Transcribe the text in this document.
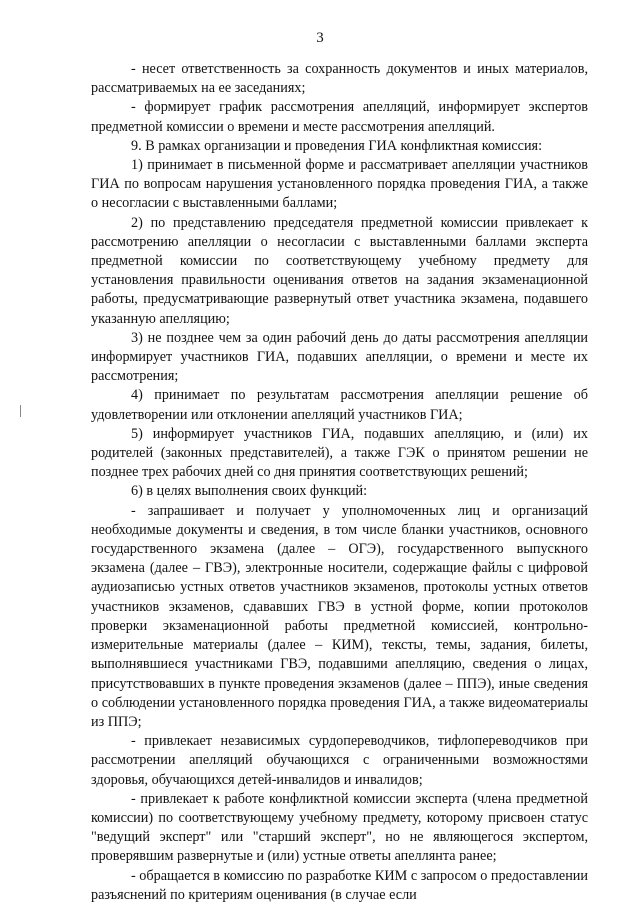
3

- несет ответственность за сохранность документов и иных материалов, рассматриваемых на ее заседаниях;

- формирует график рассмотрения апелляций, информирует экспертов предметной комиссии о времени и месте рассмотрения апелляций.

9. В рамках организации и проведения ГИА конфликтная комиссия:

1) принимает в письменной форме и рассматривает апелляции участников ГИА по вопросам нарушения установленного порядка проведения ГИА, а также о несогласии с выставленными баллами;

2) по представлению председателя предметной комиссии привлекает к рассмотрению апелляции о несогласии с выставленными баллами эксперта предметной комиссии по соответствующему учебному предмету для установления правильности оценивания ответов на задания экзаменационной работы, предусматривающие развернутый ответ участника экзамена, подавшего указанную апелляцию;

3) не позднее чем за один рабочий день до даты рассмотрения апелляции информирует участников ГИА, подавших апелляции, о времени и месте их рассмотрения;

4) принимает по результатам рассмотрения апелляции решение об удовлетворении или отклонении апелляций участников ГИА;

5) информирует участников ГИА, подавших апелляцию, и (или) их родителей (законных представителей), а также ГЭК о принятом решении не позднее трех рабочих дней со дня принятия соответствующих решений;

6) в целях выполнения своих функций:

- запрашивает и получает у уполномоченных лиц и организаций необходимые документы и сведения, в том числе бланки участников, основного государственного экзамена (далее – ОГЭ), государственного выпускного экзамена (далее – ГВЭ), электронные носители, содержащие файлы с цифровой аудиозаписью устных ответов участников экзаменов, протоколы устных ответов участников экзаменов, сдававших ГВЭ в устной форме, копии протоколов проверки экзаменационной работы предметной комиссией, контрольно-измерительные материалы (далее – КИМ), тексты, темы, задания, билеты, выполнявшиеся участниками ГВЭ, подавшими апелляцию, сведения о лицах, присутствовавших в пункте проведения экзаменов (далее – ППЭ), иные сведения о соблюдении установленного порядка проведения ГИА, а также видеоматериалы из ППЭ;

- привлекает независимых сурдопереводчиков, тифлопереводчиков при рассмотрении апелляций обучающихся с ограниченными возможностями здоровья, обучающихся детей-инвалидов и инвалидов;

- привлекает к работе конфликтной комиссии эксперта (члена предметной комиссии) по соответствующему учебному предмету, которому присвоен статус "ведущий эксперт" или "старший эксперт", но не являющегося экспертом, проверявшим развернутые и (или) устные ответы апеллянта ранее;

- обращается в комиссию по разработке КИМ с запросом о предоставлении разъяснений по критериям оценивания (в случае если
